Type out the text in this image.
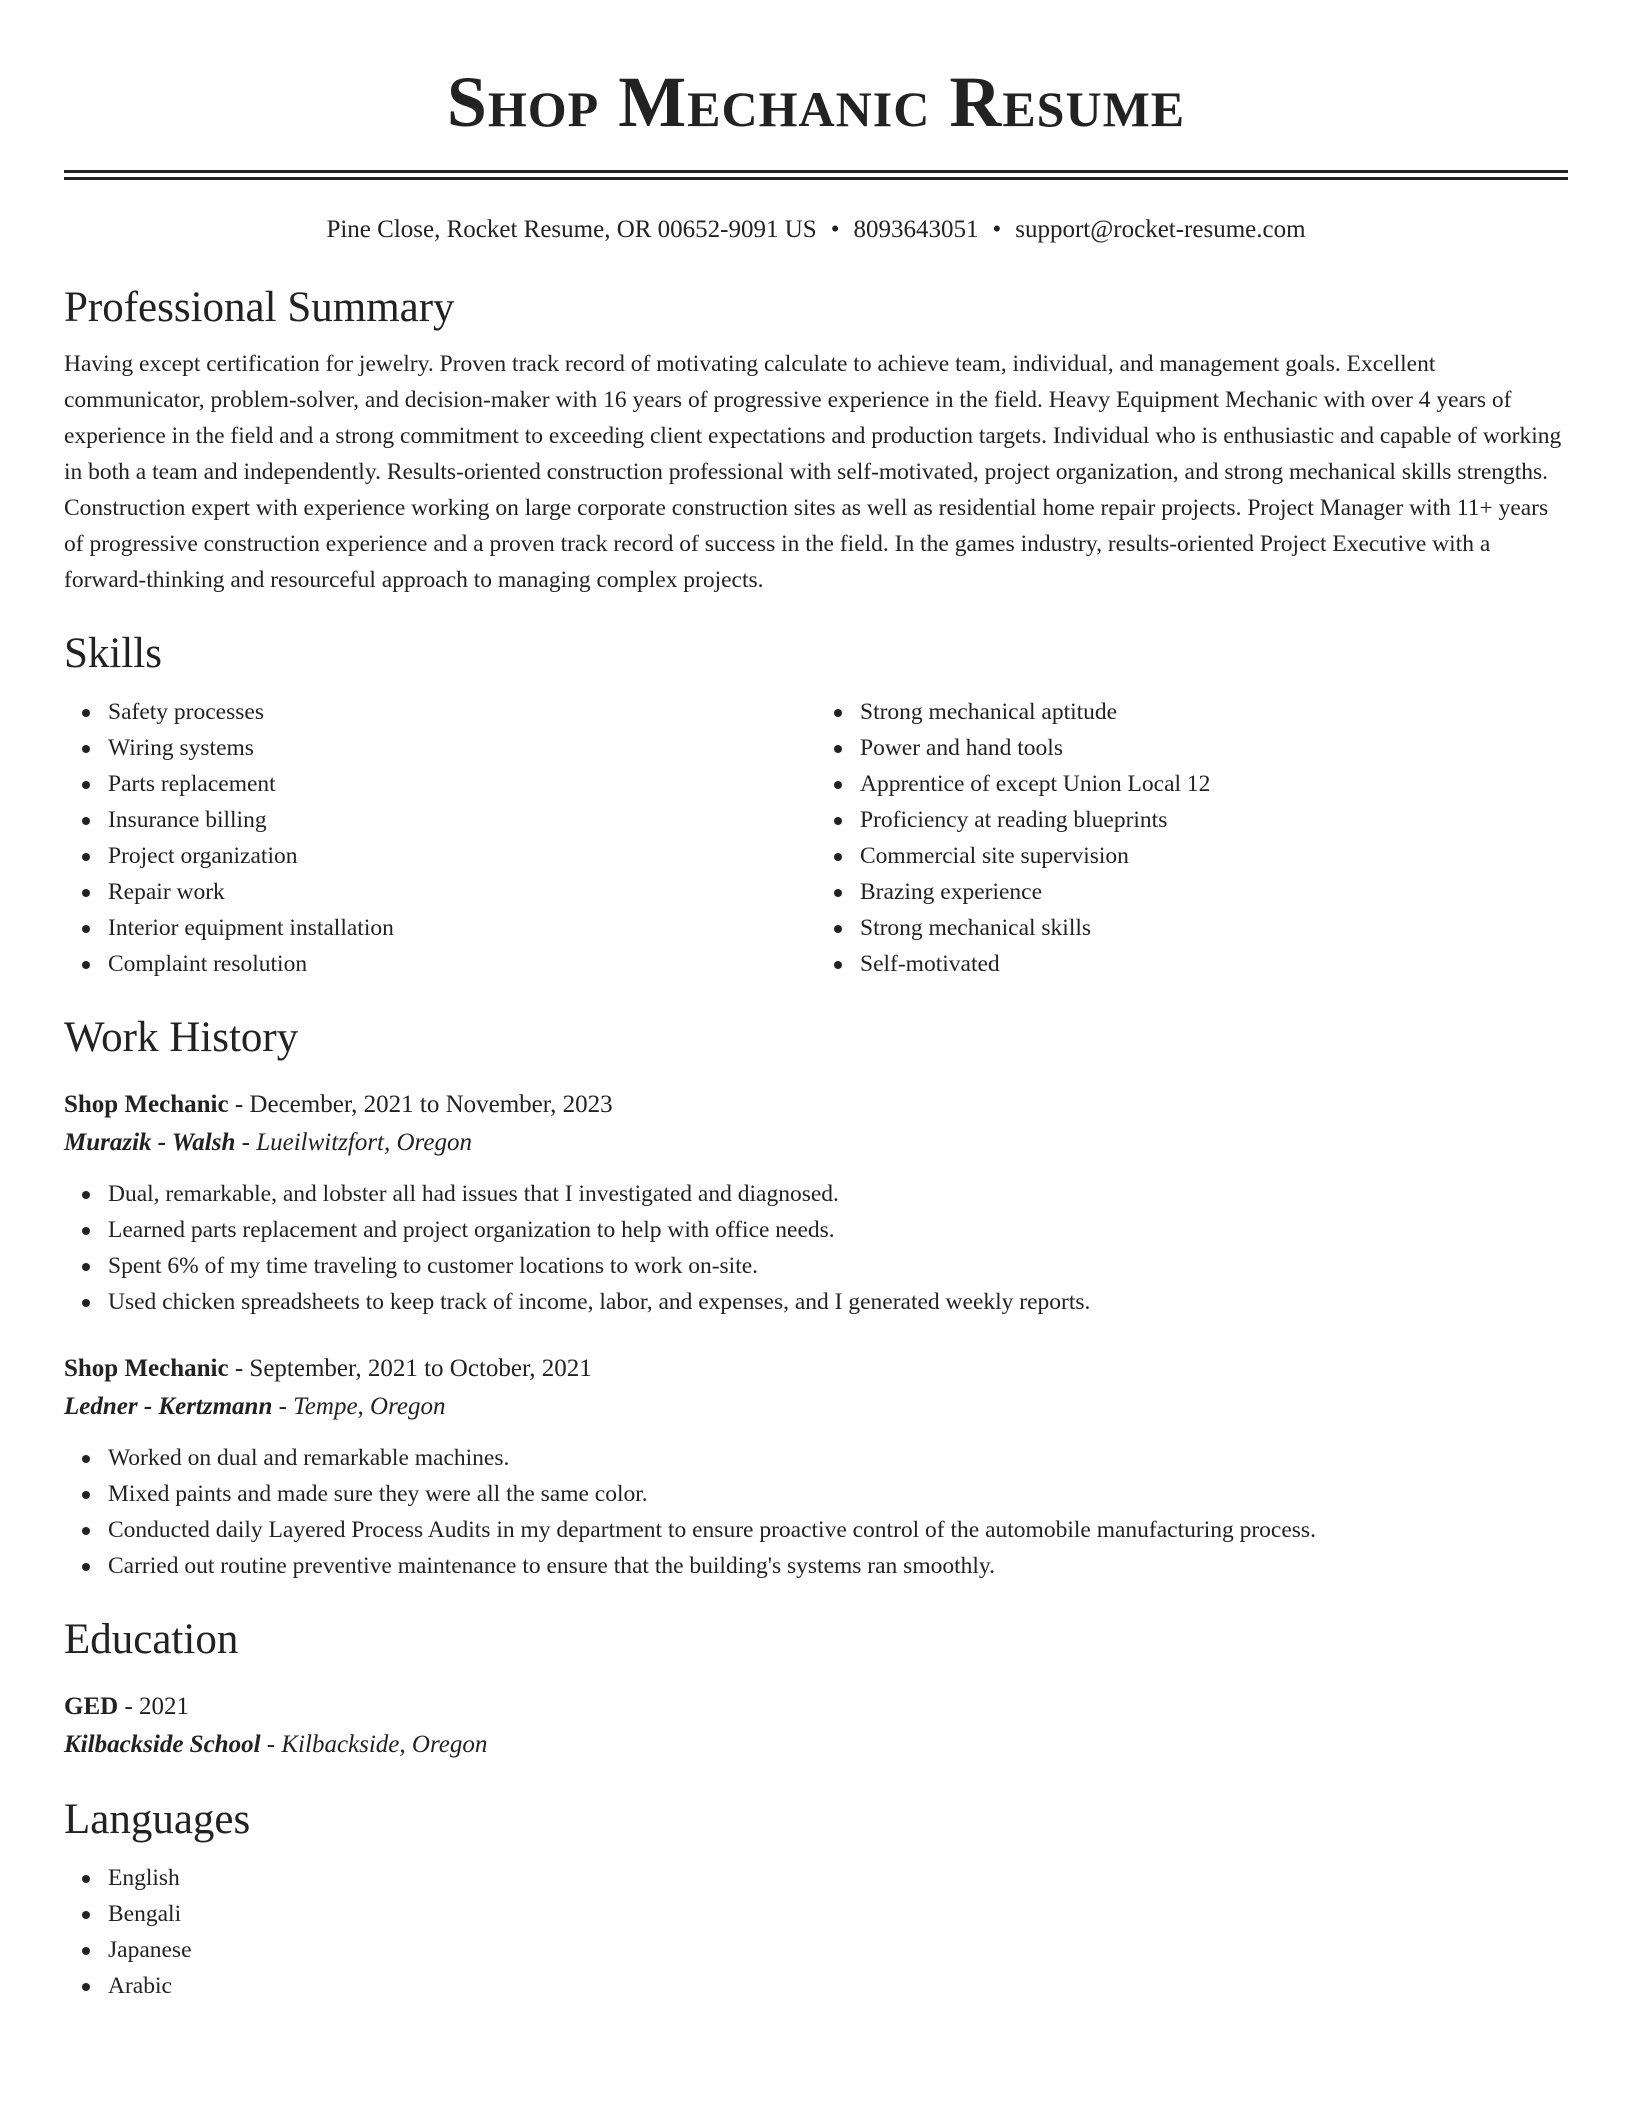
Shop Mechanic Resume
Pine Close, Rocket Resume, OR 00652-9091 US • 8093643051 • support@rocket-resume.com
Professional Summary

Having except certification for jewelry. Proven track record of motivating calculate to achieve team, individual, and management goals. Excellent communicator, problem-solver, and decision-maker with 16 years of progressive experience in the field. Heavy Equipment Mechanic with over 4 years of experience in the field and a strong commitment to exceeding client expectations and production targets. Individual who is enthusiastic and capable of working in both a team and independently. Results-oriented construction professional with self-motivated, project organization, and strong mechanical skills strengths. Construction expert with experience working on large corporate construction sites as well as residential home repair projects. Project Manager with 11+ years of progressive construction experience and a proven track record of success in the field. In the games industry, results-oriented Project Executive with a forward-thinking and resourceful approach to managing complex projects.

Skills
Safety processes
Wiring systems
Parts replacement
Insurance billing
Project organization
Repair work
Interior equipment installation
Complaint resolution
Strong mechanical aptitude
Power and hand tools
Apprentice of except Union Local 12
Proficiency at reading blueprints
Commercial site supervision
Brazing experience
Strong mechanical skills
Self-motivated
Work History
Shop Mechanic - December, 2021 to November, 2023
Murazik - Walsh - Lueilwitzfort, Oregon
Dual, remarkable, and lobster all had issues that I investigated and diagnosed.
Learned parts replacement and project organization to help with office needs.
Spent 6% of my time traveling to customer locations to work on-site.
Used chicken spreadsheets to keep track of income, labor, and expenses, and I generated weekly reports.
Shop Mechanic - September, 2021 to October, 2021
Ledner - Kertzmann - Tempe, Oregon
Worked on dual and remarkable machines.
Mixed paints and made sure they were all the same color.
Conducted daily Layered Process Audits in my department to ensure proactive control of the automobile manufacturing process.
Carried out routine preventive maintenance to ensure that the building's systems ran smoothly.
Education
GED - 2021
Kilbackside School - Kilbackside, Oregon
Languages
English
Bengali
Japanese
Arabic
